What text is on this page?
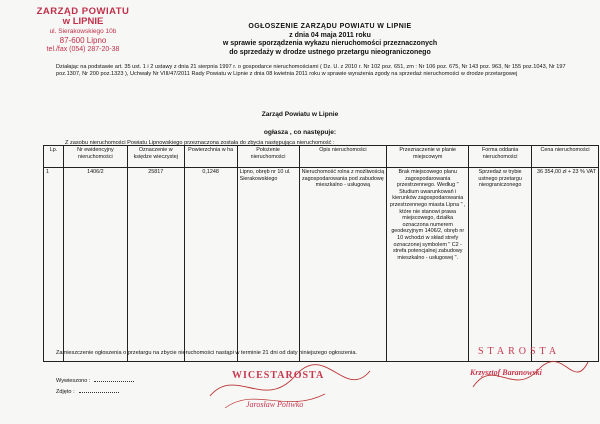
ZARZĄD POWIATU
w LIPNIE
ul. Sierakowskiego 10b
87-600 Lipno
tel./fax (054) 287-20-38
OGŁOSZENIE ZARZĄDU POWIATU W LIPNIE
z dnia 04 maja 2011 roku
w sprawie sporządzenia wykazu nieruchomości przeznaczonych
do sprzedaży w drodze ustnego przetargu nieograniczonego
Działając na podstawie art. 35 ust. 1 i 2 ustawy z dnia 21 sierpnia 1997 r. o gospodarce nieruchomościami ( Dz. U. z 2010 r. Nr 102 poz. 651, zm : Nr 106 poz. 675, Nr 143 poz. 963, Nr 155 poz.1043, Nr 197 poz.1307, Nr 200 poz.1323 ), Uchwały Nr VIII/47/2011 Rady Powiatu w Lipnie z dnia 08 kwietnia 2011 roku w sprawie wyrażenia zgody na sprzedaż nieruchomości w drodze przetargowej
Zarząd Powiatu w Lipnie
ogłasza , co następuje:
Z zasobu nieruchomości Powiatu Lipnowskiego przeznaczona została do zbycia następująca nieruchomość :
Lp.	Nr ewidencyjny nieruchomości	Oznaczenie w księdze wieczystej	Powierzchnia w ha	Położenie nieruchomości	Opis nieruchomości	Przeznaczenie w planie miejscowym	Forma oddania nieruchomości	Cena nieruchomości
1	1406/2	25817	0,1248	Lipno, obręb nr 10 ul. Sierakowskiego	Nieruchomość rolna z możliwością zagospodarowania pod zabudowę mieszkalno - usługową	Brak miejscowego planu zagospodarowania przestrzennego. Według " Studium uwarunkowań i kierunków zagospodarowania przestrzennego miasta Lipna " , które nie stanowi prawa miejscowego, działka oznaczona numerem geodezyjnym 1406/2, obręb nr 10 wchodzi w skład strefy oznaczonej symbolem " C2 - strefa potencjalnej zabudowy mieszkalno - usługowej ".	Sprzedaż w trybie ustnego przetargu nieograniczonego	36 354,00 zł + 23 % VAT
Zamieszczenie ogłoszenia o przetargu na zbycie nieruchomości nastąpi w terminie 21 dni od daty niniejszego ogłoszenia.
Wywieszono :
Zdjęto :
WICESTAROSTA
Jarosław Poliwko
STAROSTA
Krzysztof Baranowski
